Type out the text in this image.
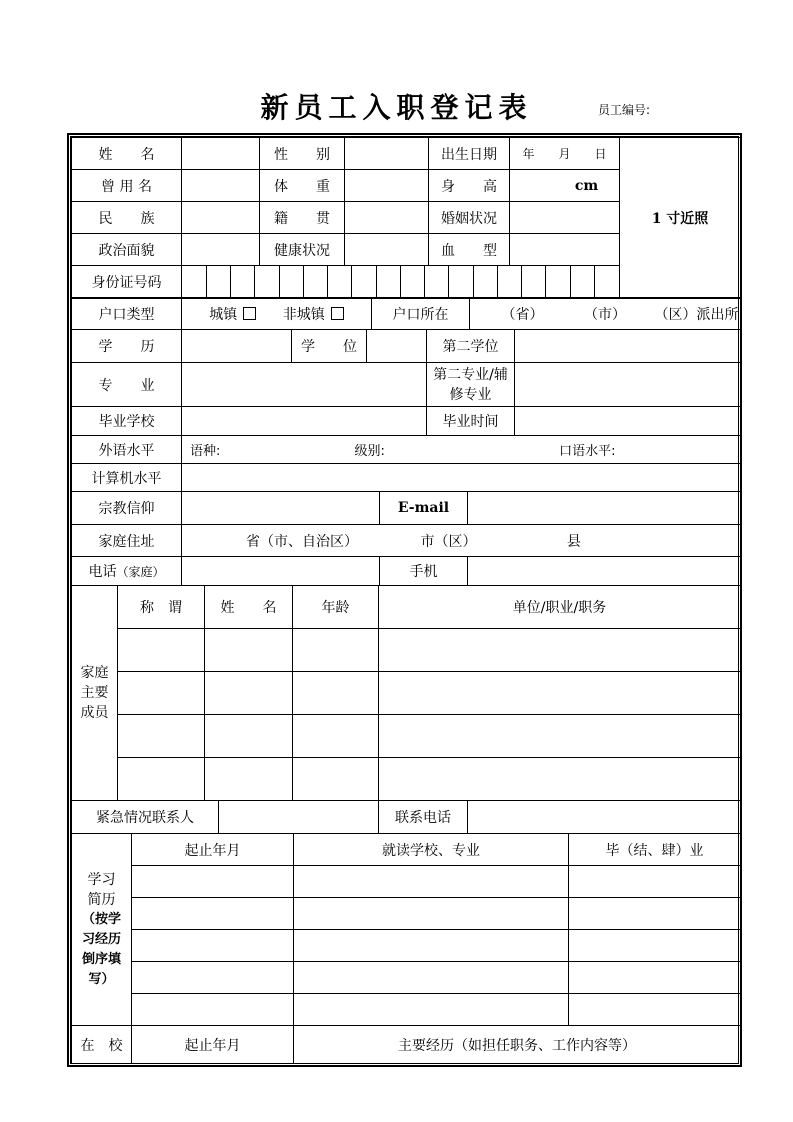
新员工入职登记表	员工编号:
姓　　名		性　　别		出生日期	年　　月　　日	1 寸近照
曾 用 名		体　　重		身　　高	cm
民　　族		籍　　贯		婚姻状况	
政治面貌		健康状况		血　　型	
身份证号码	

户口类型	城镇	非城镇	户口所在	（省）	（市） （区）派出所
学　　历		学　　位		第二学位	
专　　业				第二专业/辅修专业	
毕业学校				毕业时间	
外语水平	语种: 级别: 口语水平:		
计算机水平			
宗教信仰		E-mail	
家庭住址	省（市、自治区） 市（区） 县		
电话（家庭）		手机	
家庭主要成员	称　谓	姓　　名	年龄	单位/职业/职务

紧急情况联系人		联系电话	
学习简历
（按学习经历倒序填写）	起止年月	就读学校、专业	毕（结、肆）业

在　校	起止年月	主要经历（如担任职务、工作内容等）
